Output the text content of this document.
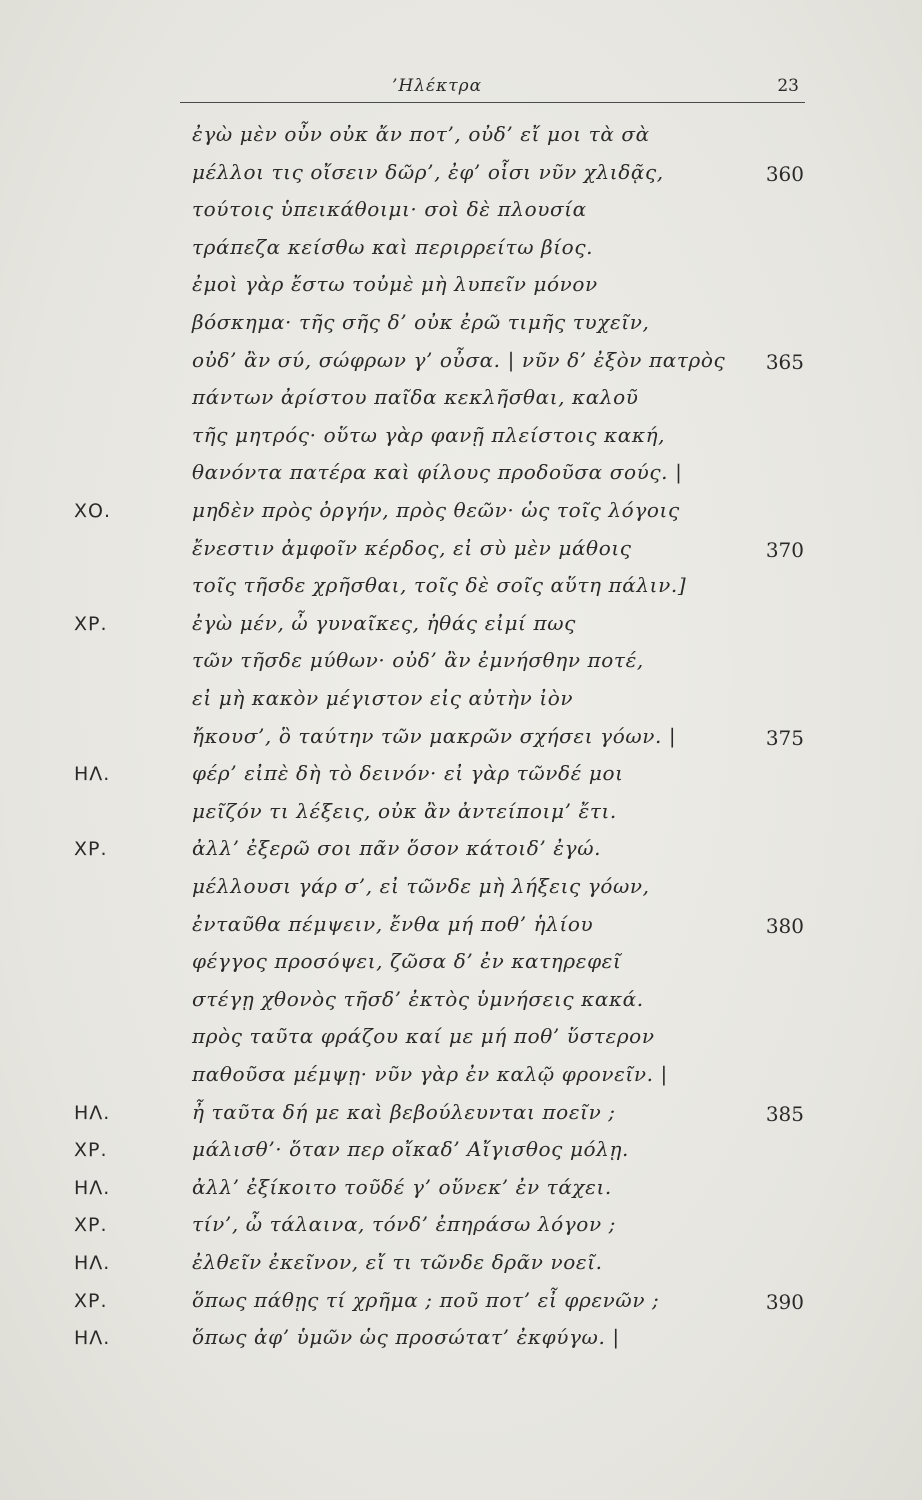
’Ηλέκτρα	23
ἐγὼ μὲν οὖν οὐκ ἄν ποτ’, οὐδ’ εἴ μοι τὰ σὰ
μέλλοι τις οἴσειν δῶρ’, ἐφ’ οἷσι νῦν χλιδᾷς,	360
τούτοις ὑπεικάθοιμι· σοὶ δὲ πλουσία
τράπεζα κείσθω καὶ περιρρείτω βίος.
ἐμοὶ γὰρ ἔστω τοὐμὲ μὴ λυπεῖν μόνον
βόσκημα· τῆς σῆς δ’ οὐκ ἐρῶ τιμῆς τυχεῖν,
οὐδ’ ἂν σύ, σώφρων γ’ οὖσα. | νῦν δ’ ἐξὸν πατρὸς 365
πάντων ἀρίστου παῖδα κεκλῆσθαι, καλοῦ
τῆς μητρός· οὕτω γὰρ φανῇ πλείστοις κακή,
θανόντα πατέρα καὶ φίλους προδοῦσα σούς. |
ΧΟ.	μηδὲν πρὸς ὀργήν, πρὸς θεῶν· ὡς τοῖς λόγοις
ἔνεστιν ἀμφοῖν κέρδος, εἰ σὺ μὲν μάθοις	370
τοῖς τῆσδε χρῆσθαι, τοῖς δὲ σοῖς αὕτη πάλιν.]
ΧΡ.	ἐγὼ μέν, ὦ γυναῖκες, ἠθάς εἰμί πως
τῶν τῆσδε μύθων· οὐδ’ ἂν ἐμνήσθην ποτέ,
εἰ μὴ κακὸν μέγιστον εἰς αὐτὴν ἰὸν
ἤκουσ’, ὃ ταύτην τῶν μακρῶν σχήσει γόων. |	375
ΗΛ.	φέρ’ εἰπὲ δὴ τὸ δεινόν· εἰ γὰρ τῶνδέ μοι
μεῖζόν τι λέξεις, οὐκ ἂν ἀντείποιμ’ ἔτι.
ΧΡ.	ἀλλ’ ἐξερῶ σοι πᾶν ὅσον κάτοιδ’ ἐγώ.
μέλλουσι γάρ σ’, εἰ τῶνδε μὴ λήξεις γόων,
ἐνταῦθα πέμψειν, ἔνθα μή ποθ’ ἡλίου	380
φέγγος προσόψει, ζῶσα δ’ ἐν κατηρεφεῖ
στέγῃ χθονὸς τῆσδ’ ἐκτὸς ὑμνήσεις κακά.
πρὸς ταῦτα φράζου καί με μή ποθ’ ὕστερον
παθοῦσα μέμψῃ· νῦν γὰρ ἐν καλῷ φρονεῖν. |
ΗΛ.	ἦ ταῦτα δή με καὶ βεβούλευνται ποεῖν ;	385
ΧΡ.	μάλισθ’· ὅταν περ οἴκαδ’ Αἴγισθος μόλῃ.
ΗΛ.	ἀλλ’ ἐξίκοιτο τοῦδέ γ’ οὕνεκ’ ἐν τάχει.
ΧΡ.	τίν’, ὦ τάλαινα, τόνδ’ ἐπηράσω λόγον ;
ΗΛ.	ἐλθεῖν ἐκεῖνον, εἴ τι τῶνδε δρᾶν νοεῖ.
ΧΡ.	ὅπως πάθῃς τί χρῆμα ; ποῦ ποτ’ εἶ φρενῶν ;	390
ΗΛ.	ὅπως ἀφ’ ὑμῶν ὡς προσώτατ’ ἐκφύγω. |
